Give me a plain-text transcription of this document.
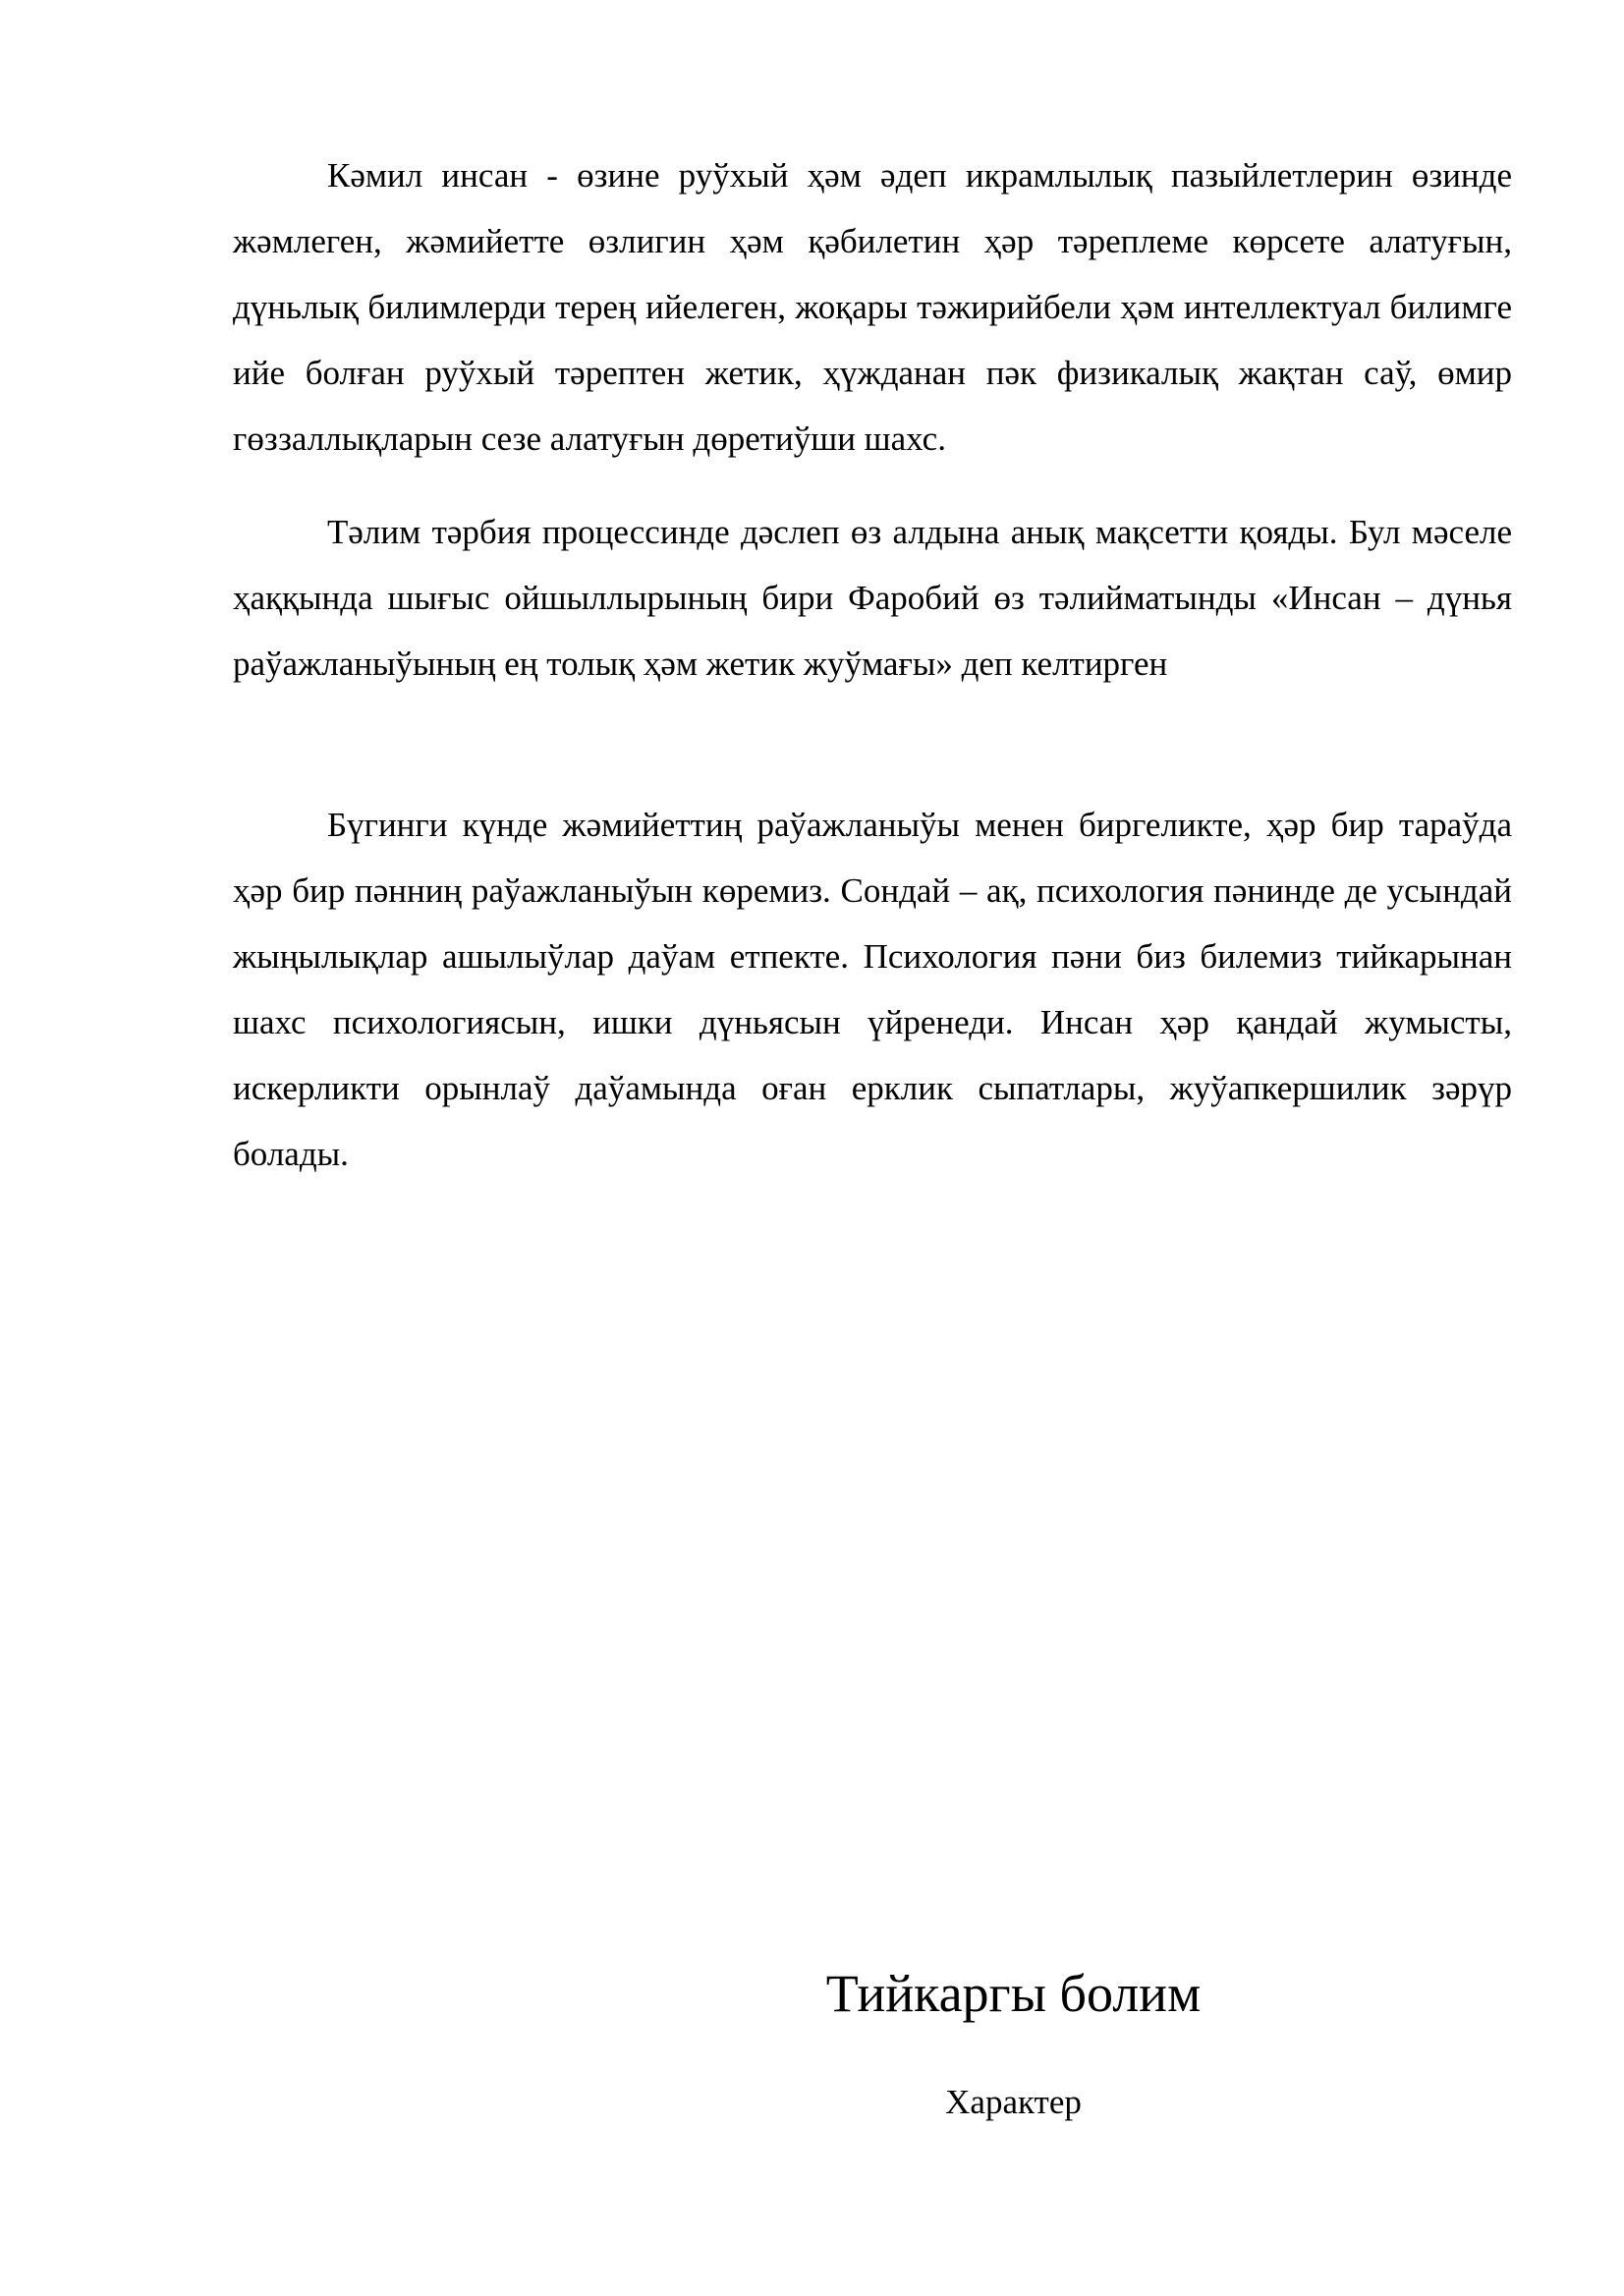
Кәмил инсан - өзине руўхый ҳәм әдеп икрамлылық пазыйлетлерин өзинде жәмлеген, жәмийетте өзлигин ҳәм қәбилетин ҳәр тәреплеме көрсете алатуғын, дүньлық билимлерди терең ийелеген, жоқары тәжирийбели ҳәм интеллектуал билимге ийе болған руўхый тәрептен жетик, ҳүжданан пәк физикалық жақтан саў, өмир гөззаллықларын сезе алатуғын дөретиўши шахс.

Тәлим тәрбия процессинде дәслеп өз алдына анық мақсетти қояды. Бул мәселе ҳаққында шығыс ойшыллырының бири Фаробий өз тәлийматынды «Инсан – дүнья раўажланыўының ең толық ҳәм жетик жуўмағы» деп келтирген

Бүгинги күнде жәмийеттиң раўажланыўы менен биргеликте, ҳәр бир тараўда ҳәр бир пәнниң раўажланыўын көремиз. Сондай – ақ, психология пәнинде де усындай жыңылықлар ашылыўлар даўам етпекте. Психология пәни биз билемиз тийкарынан шахс психологиясын, ишки дүньясын үйренеди. Инсан ҳәр қандай жумысты, искерликти орынлаў даўамында оған ерклик сыпатлары, жуўапкершилик зәрүр болады.

Тийкаргы болим
Характер
